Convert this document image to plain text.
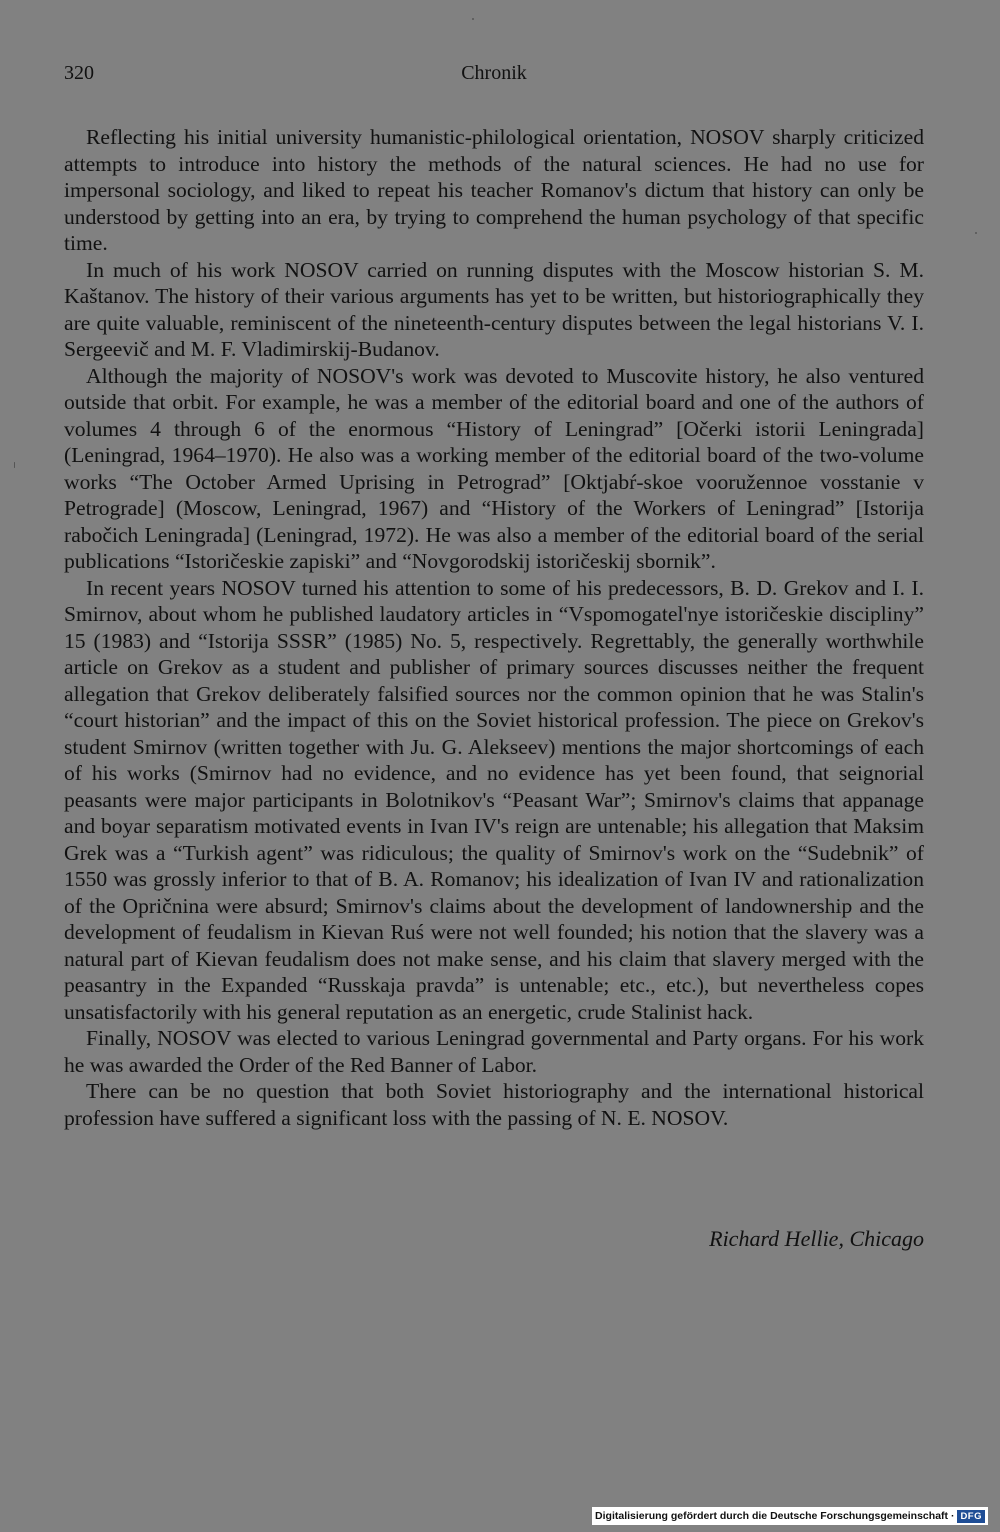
320	Chronik

Reflecting his initial university humanistic-philological orientation, NOSOV sharply criticized attempts to introduce into history the methods of the natural sciences. He had no use for impersonal sociology, and liked to repeat his teacher Romanov's dictum that history can only be understood by getting into an era, by trying to comprehend the human psychology of that specific time.

In much of his work NOSOV carried on running disputes with the Moscow historian S. M. Kaštanov. The history of their various arguments has yet to be written, but historiographically they are quite valuable, reminiscent of the nineteenth-century disputes between the legal historians V. I. Sergeevič and M. F. Vladimirskij-Budanov.

Although the majority of NOSOV's work was devoted to Muscovite history, he also ventured outside that orbit. For example, he was a member of the editorial board and one of the authors of volumes 4 through 6 of the enormous “History of Leningrad” [Očerki istorii Leningrada] (Leningrad, 1964–1970). He also was a working member of the editorial board of the two-volume works “The October Armed Uprising in Petrograd” [Oktjabŕ-skoe vooružennoe vosstanie v Petrograde] (Moscow, Leningrad, 1967) and “History of the Workers of Leningrad” [Istorija rabočich Leningrada] (Leningrad, 1972). He was also a member of the editorial board of the serial publications “Istoričeskie zapiski” and “Novgorodskij istoričeskij sbornik”.

In recent years NOSOV turned his attention to some of his predecessors, B. D. Grekov and I. I. Smirnov, about whom he published laudatory articles in “Vspomogatel'nye istoričeskie discipliny” 15 (1983) and “Istorija SSSR” (1985) No. 5, respectively. Regrettably, the generally worthwhile article on Grekov as a student and publisher of primary sources discusses neither the frequent allegation that Grekov deliberately falsified sources nor the common opinion that he was Stalin's “court historian” and the impact of this on the Soviet historical profession. The piece on Grekov's student Smirnov (written together with Ju. G. Alekseev) mentions the major shortcomings of each of his works (Smirnov had no evidence, and no evidence has yet been found, that seignorial peasants were major participants in Bolotnikov's “Peasant War”; Smirnov's claims that appanage and boyar separatism motivated events in Ivan IV's reign are untenable; his allegation that Maksim Grek was a “Turkish agent” was ridiculous; the quality of Smirnov's work on the “Sudebnik” of 1550 was grossly inferior to that of B. A. Romanov; his idealization of Ivan IV and rationalization of the Opričnina were absurd; Smirnov's claims about the development of landownership and the development of feudalism in Kievan Ruś were not well founded; his notion that the slavery was a natural part of Kievan feudalism does not make sense, and his claim that slavery merged with the peasantry in the Expanded “Russkaja pravda” is untenable; etc., etc.), but nevertheless copes unsatisfactorily with his general reputation as an energetic, crude Stalinist hack.

Finally, NOSOV was elected to various Leningrad governmental and Party organs. For his work he was awarded the Order of the Red Banner of Labor.

There can be no question that both Soviet historiography and the international historical profession have suffered a significant loss with the passing of N. E. NOSOV.

Richard Hellie, Chicago
Digitalisierung gefördert durch die Deutsche Forschungsgemeinschaft · DFG
